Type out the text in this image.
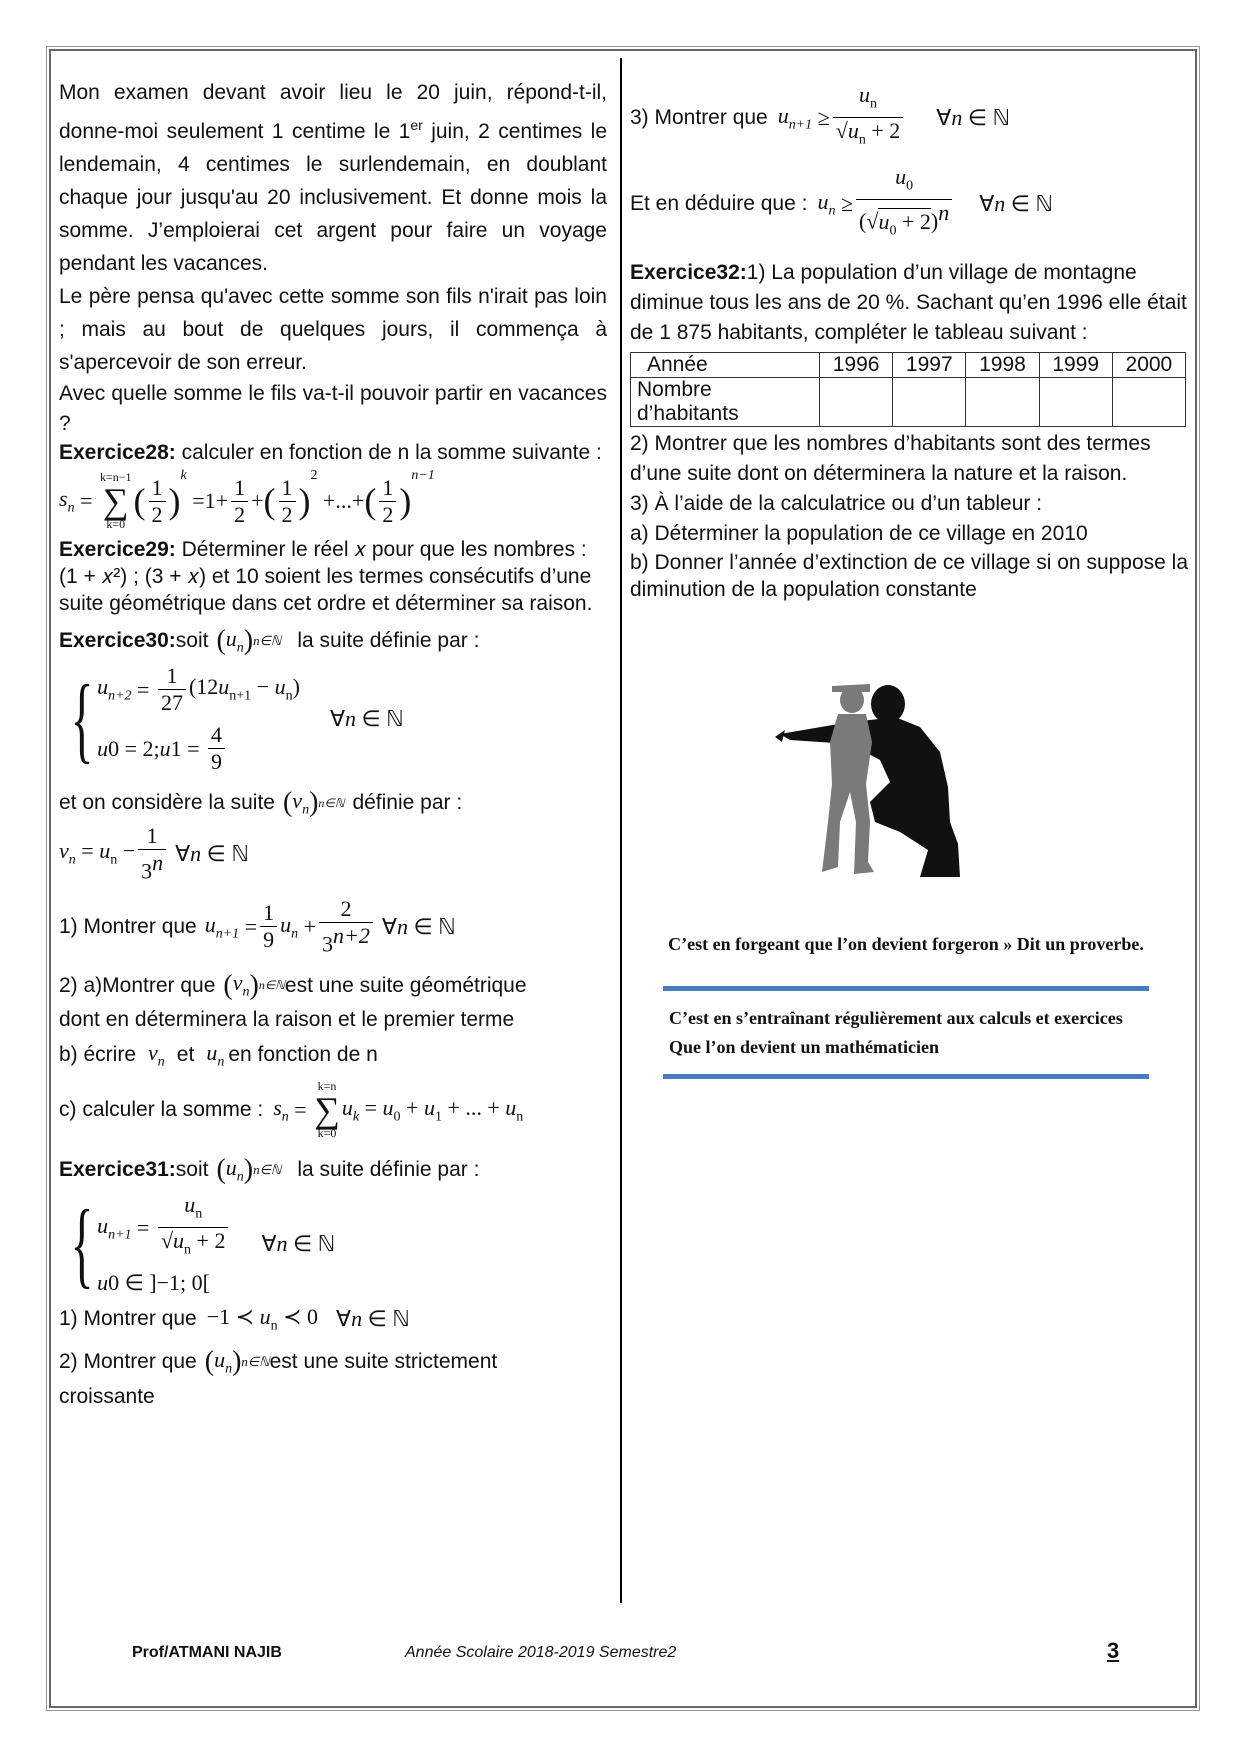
Mon examen devant avoir lieu le 20 juin, répond-t-il, donne-moi seulement 1 centime le 1er juin, 2 centimes le lendemain, 4 centimes le surlendemain, en doublant chaque jour jusqu'au 20 inclusivement. Et donne mois la somme. J’emploierai cet argent pour faire un voyage pendant les vacances.

Le père pensa qu'avec cette somme son fils n'irait pas loin ; mais au bout de quelques jours, il commença à s'apercevoir de son erreur.

Avec quelle somme le fils va-t-il pouvoir partir en vacances ?

Exercice28: calculer en fonction de n la somme suivante :

$s_n$ =
k=n−1
∑
k=0
( $\frac{1}{2}$ )
$^k$
$=1+ \frac{1}{2}$ + ( $\frac{1}{2}$ )
$^2$
+...+ ( $\frac{1}{2}$ )
$^{n-1}$

Exercice29: Déterminer le réel 𝑥 pour que les nombres : (1 + 𝑥²) ; (3 + 𝑥) et 10 soient les termes consécutifs d’une suite géométrique dans cet ordre et déterminer sa raison.

Exercice30: soit ( $u_n$ ) n∈ℕ la suite définie par :
{ $u_{n+2} = \frac{1}{27} (12u_{n+1} - u_n)$
u 0 = 2; u $1 = \frac{4}{9}$
∀n ∈ ℕ
et on considère la suite ( $v_n$ ) n∈ℕ définie par :
$v_n = u_n - \frac{1}{3^n}$ ∀n ∈ ℕ
1) Montrer que $u_{n+1} = \frac{1}{9} u_n + \frac{2}{3^{n+2}}$ ∀n ∈ ℕ
2) a)Montrer que ( $v_n$ ) n∈ℕ est une suite géométrique

dont en déterminera la raison et le premier terme

b) écrire $v_n$ et $u_n$ en fonction de n
c) calculer la somme : $s_n$ =
k=n
∑
k=0
$u_k = u_0 + u_1$ + ... + $u_n$
Exercice31: soit ( $u_n$ ) n∈ℕ la suite définie par :
{ $u_{n+1} = \frac{u_n}{√u_n + 2}$
u 0 ∈ ]−1; 0[
∀n ∈ ℕ
1) Montrer que −1 ≺ $u_n$ ≺ 0 ∀n ∈ ℕ
2) Montrer que ( $u_n$ ) n∈ℕ est une suite strictement

croissante

3) Montrer que $u_{n+1} \ge \frac{u_n}{√u_n + 2}$ ∀n ∈ ℕ
Et en déduire que : $u_n \ge \frac{u_0}{(√u_0 + 2)^n}$ ∀n ∈ ℕ

Exercice32:1) La population d’un village de montagne diminue tous les ans de 20 %. Sachant qu’en 1996 elle était de 1 875 habitants, compléter le tableau suivant :

Année	1996	1997	1998	1999	2000
Nombre d’habitants					

2) Montrer que les nombres d’habitants sont des termes d’une suite dont on déterminera la nature et la raison.

3) À l’aide de la calculatrice ou d’un tableur :

a) Déterminer la population de ce village en 2010

b) Donner l’année d’extinction de ce village si on suppose la diminution de la population constante

C’est en forgeant que l’on devient forgeron » Dit un proverbe.
C’est en s’entraînant régulièrement aux calculs et exercices Que l’on devient un mathématicien
Prof/ATMANI NAJIB	Année Scolaire 2018-2019 Semestre2	3
